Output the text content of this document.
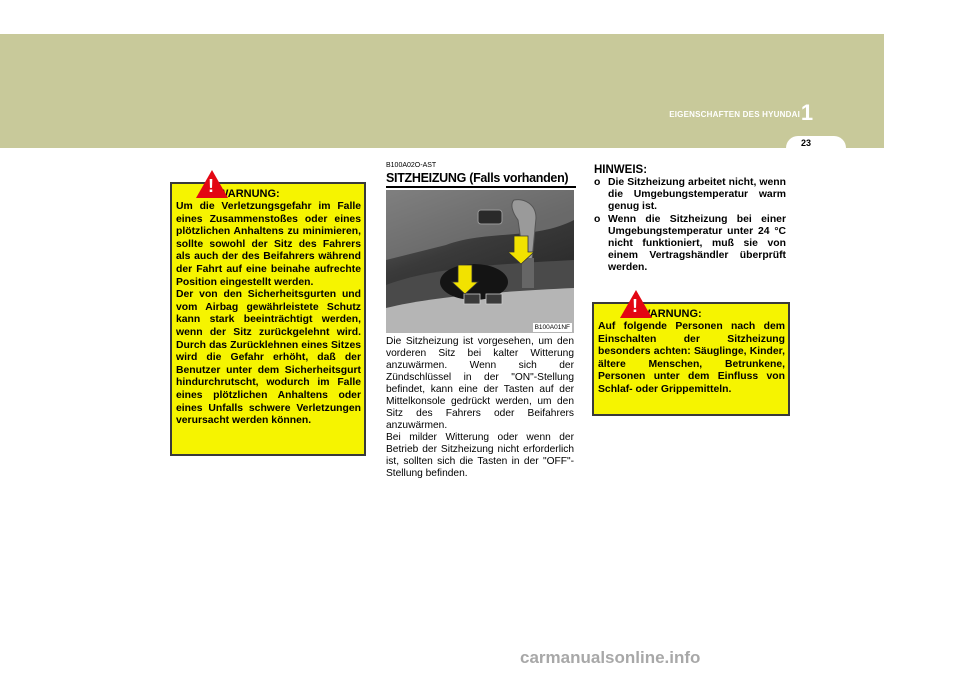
EIGENSCHAFTEN DES HYUNDAI 1
23
!
WARNUNG:

Um die Verletzungsgefahr im Falle eines Zusammenstoßes oder eines plötzlichen Anhaltens zu minimieren, sollte sowohl der Sitz des Fahrers als auch der des Beifahrers während der Fahrt auf eine beinahe aufrechte Position eingestellt werden.

Der von den Sicherheitsgurten und vom Airbag gewährleistete Schutz kann stark beeinträchtigt werden, wenn der Sitz zurückgelehnt wird. Durch das Zurücklehnen eines Sitzes wird die Gefahr erhöht, daß der Benutzer unter dem Sicherheitsgurt hindurchrutscht, wodurch im Falle eines plötzlichen Anhaltens oder eines Unfalls schwere Verletzungen verursacht werden können.

B100A02O-AST
SITZHEIZUNG (Falls vorhanden)
B100A01NF

Die Sitzheizung ist vorgesehen, um den vorderen Sitz bei kalter Witterung anzuwärmen. Wenn sich der Zündschlüssel in der "ON"-Stellung befindet, kann eine der Tasten auf der Mittelkonsole gedrückt werden, um den Sitz des Fahrers oder Beifahrers anzuwärmen.

Bei milder Witterung oder wenn der Betrieb der Sitzheizung nicht erforderlich ist, sollten sich die Tasten in der "OFF"-Stellung befinden.

HINWEIS:
o Die Sitzheizung arbeitet nicht, wenn die Umgebungstemperatur warm genug ist.
o Wenn die Sitzheizung bei einer Umgebungstemperatur unter 24 °C nicht funktioniert, muß sie von einem Vertragshändler überprüft werden.
!
WARNUNG:
Auf folgende Personen nach dem Einschalten der Sitzheizung besonders achten: Säuglinge, Kinder, ältere Menschen, Betrunkene, Personen unter dem Einfluss von Schlaf- oder Grippemitteln.
carmanualsonline.info
